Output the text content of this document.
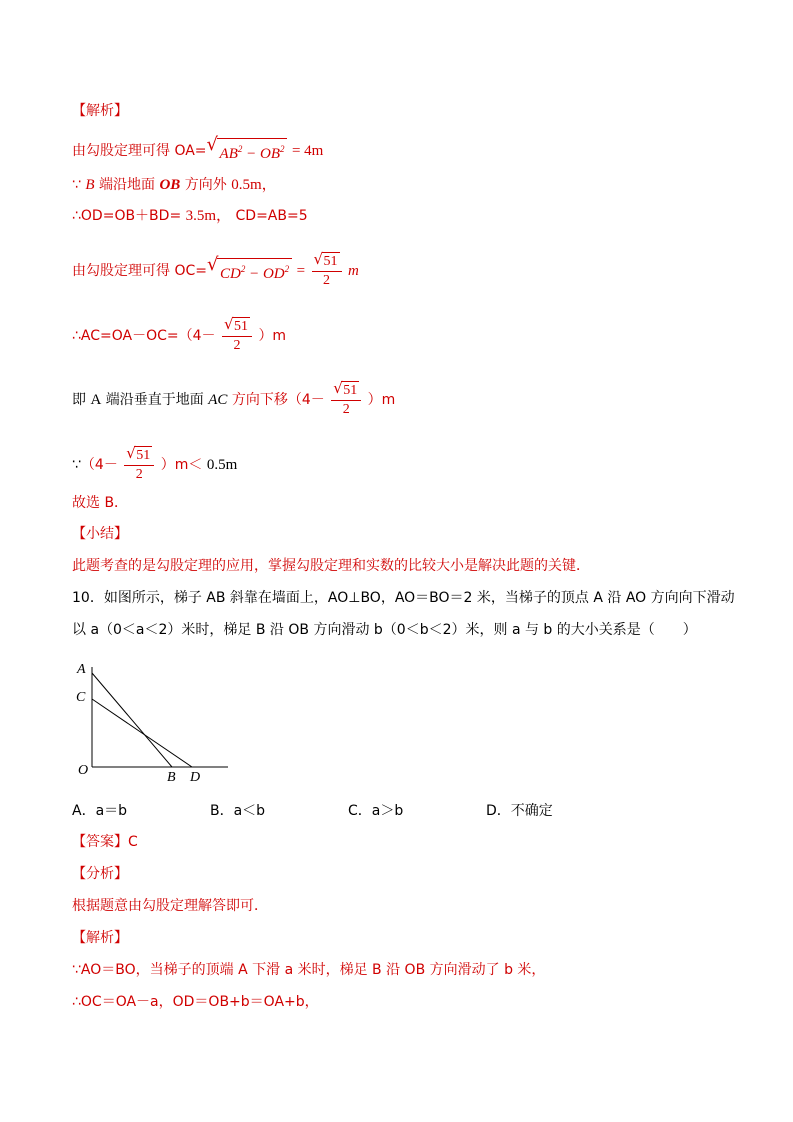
【解析】
由勾股定理可得 OA= √ $AB^2 - OB^2 = 4m$
∵ B 端沿地面 OB 方向外 0.5m，
∴OD=OB＋BD= 3.5m， CD=AB=5
由勾股定理可得 OC= √ $CD^2 - OD^2 = \frac{√ 51}{2}$ m
∴AC=OA－OC=（4－ $\frac{√ 51}{2} )m$
即 A 端沿垂直于地面 AC 方向下移$(4- \frac{√ 51}{2} )m$
∵（4－ $\frac{√ 51}{2} )m< 0.5m$
故选 B．
【小结】
此题考查的是勾股定理的应用，掌握勾股定理和实数的比较大小是解决此题的关键．
10．如图所示，梯子 AB 斜靠在墙面上，AO⊥BO，AO＝BO＝2 米，当梯子的顶点 A 沿 AO 方向向下滑动
以 a（0＜a＜2）米时，梯足 B 沿 OB 方向滑动 b（0＜b＜2）米，则 a 与 b 的大小关系是（　　）
A
C
O	B D
A．a＝b	B．a＜b	C．a＞b	D．不确定
【答案】C
【分析】
根据题意由勾股定理解答即可．
【解析】
∵AO＝BO，当梯子的顶端 A 下滑 a 米时，梯足 B 沿 OB 方向滑动了 b 米，
∴OC＝OA－a，OD＝OB+b＝OA+b，
